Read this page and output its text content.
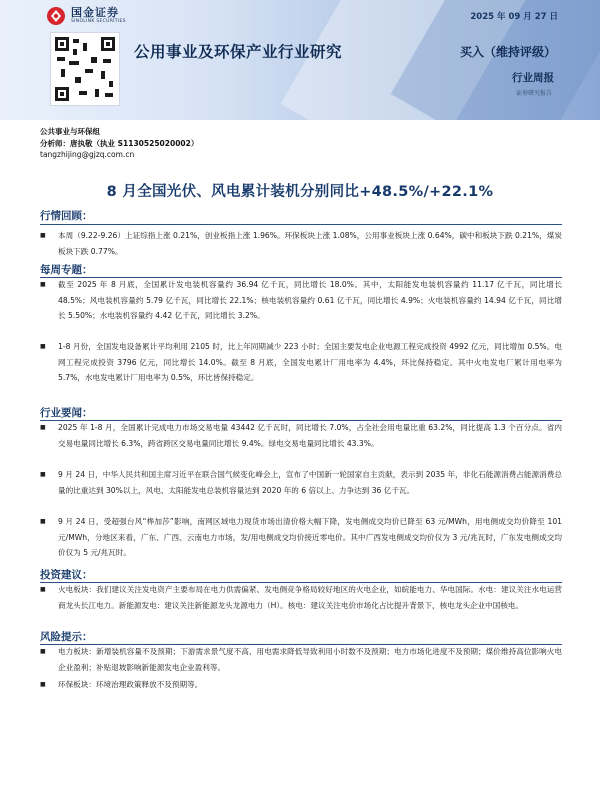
国金证券
SINOLINK SECURITIES	2025 年 09 月 27 日
公用事业及环保产业行业研究	买入（维持评级）
行业周报
证券研究报告
公共事业与环保组
分析师：唐执敬（执业 S1130525020002）
tangzhijing@gjzq.com.cn
8 月全国光伏、风电累计装机分别同比+48.5%/+22.1%
行情回顾：
■	本周（9.22-9.26）上证综指上涨 0.21%，创业板指上涨 1.96%。环保板块上涨 1.08%，公用事业板块上涨 0.64%，碳中和板块下跌 0.21%，煤炭板块下跌 0.77%。
每周专题：
■	截至 2025 年 8 月底，全国累计发电装机容量约 36.94 亿千瓦，同比增长 18.0%。其中，太阳能发电装机容量约 11.17 亿千瓦，同比增长 48.5%；风电装机容量约 5.79 亿千瓦，同比增长 22.1%；核电装机容量约 0.61 亿千瓦，同比增长 4.9%；火电装机容量约 14.94 亿千瓦，同比增长 5.50%；水电装机容量约 4.42 亿千瓦，同比增长 3.2%。
■	1-8 月份，全国发电设备累计平均利用 2105 时，比上年同期减少 223 小时；全国主要发电企业电源工程完成投资 4992 亿元，同比增加 0.5%。电网工程完成投资 3796 亿元，同比增长 14.0%。截至 8 月底，全国发电累计厂用电率为 4.4%，环比保持稳定。其中火电发电厂累计用电率为 5.7%，水电发电累计厂用电率为 0.5%，环比皆保持稳定。
行业要闻：
■	2025 年 1-8 月，全国累计完成电力市场交易电量 43442 亿千瓦时，同比增长 7.0%，占全社会用电量比重 63.2%，同比提高 1.3 个百分点。省内交易电量同比增长 6.3%，跨省跨区交易电量同比增长 9.4%。绿电交易电量同比增长 43.3%。
■	9 月 24 日，中华人民共和国主席习近平在联合国气候变化峰会上，宣布了中国新一轮国家自主贡献，表示到 2035 年，非化石能源消费占能源消费总量的比重达到 30%以上，风电、太阳能发电总装机容量达到 2020 年的 6 倍以上、力争达到 36 亿千瓦。
■	9 月 24 日，受超强台风“桦加莎”影响，南网区域电力现货市场出清价格大幅下降，发电侧成交均价已降至 63 元/MWh，用电侧成交均价降至 101 元/MWh，分地区来看，广东、广西、云南电力市场，发/用电侧成交均价接近零电价。其中广西发电侧成交均价仅为 3 元/兆瓦时，广东发电侧成交均价仅为 5 元/兆瓦时。
投资建议：
■	火电板块：我们建议关注发电资产主要布局在电力供需偏紧、发电侧竞争格局较好地区的火电企业，如皖能电力、华电国际。水电：建议关注水电运营商龙头长江电力。新能源发电：建议关注新能源龙头龙源电力（H）。核电：建议关注电价市场化占比提升背景下，核电龙头企业中国核电。
风险提示：
■	电力板块：新增装机容量不及预期；下游需求景气度不高、用电需求降低导致利用小时数不及预期；电力市场化进度不及预期；煤价维持高位影响火电企业盈利；补贴退坡影响新能源发电企业盈利等。
■	环保板块：环境治理政策释放不及预期等。
